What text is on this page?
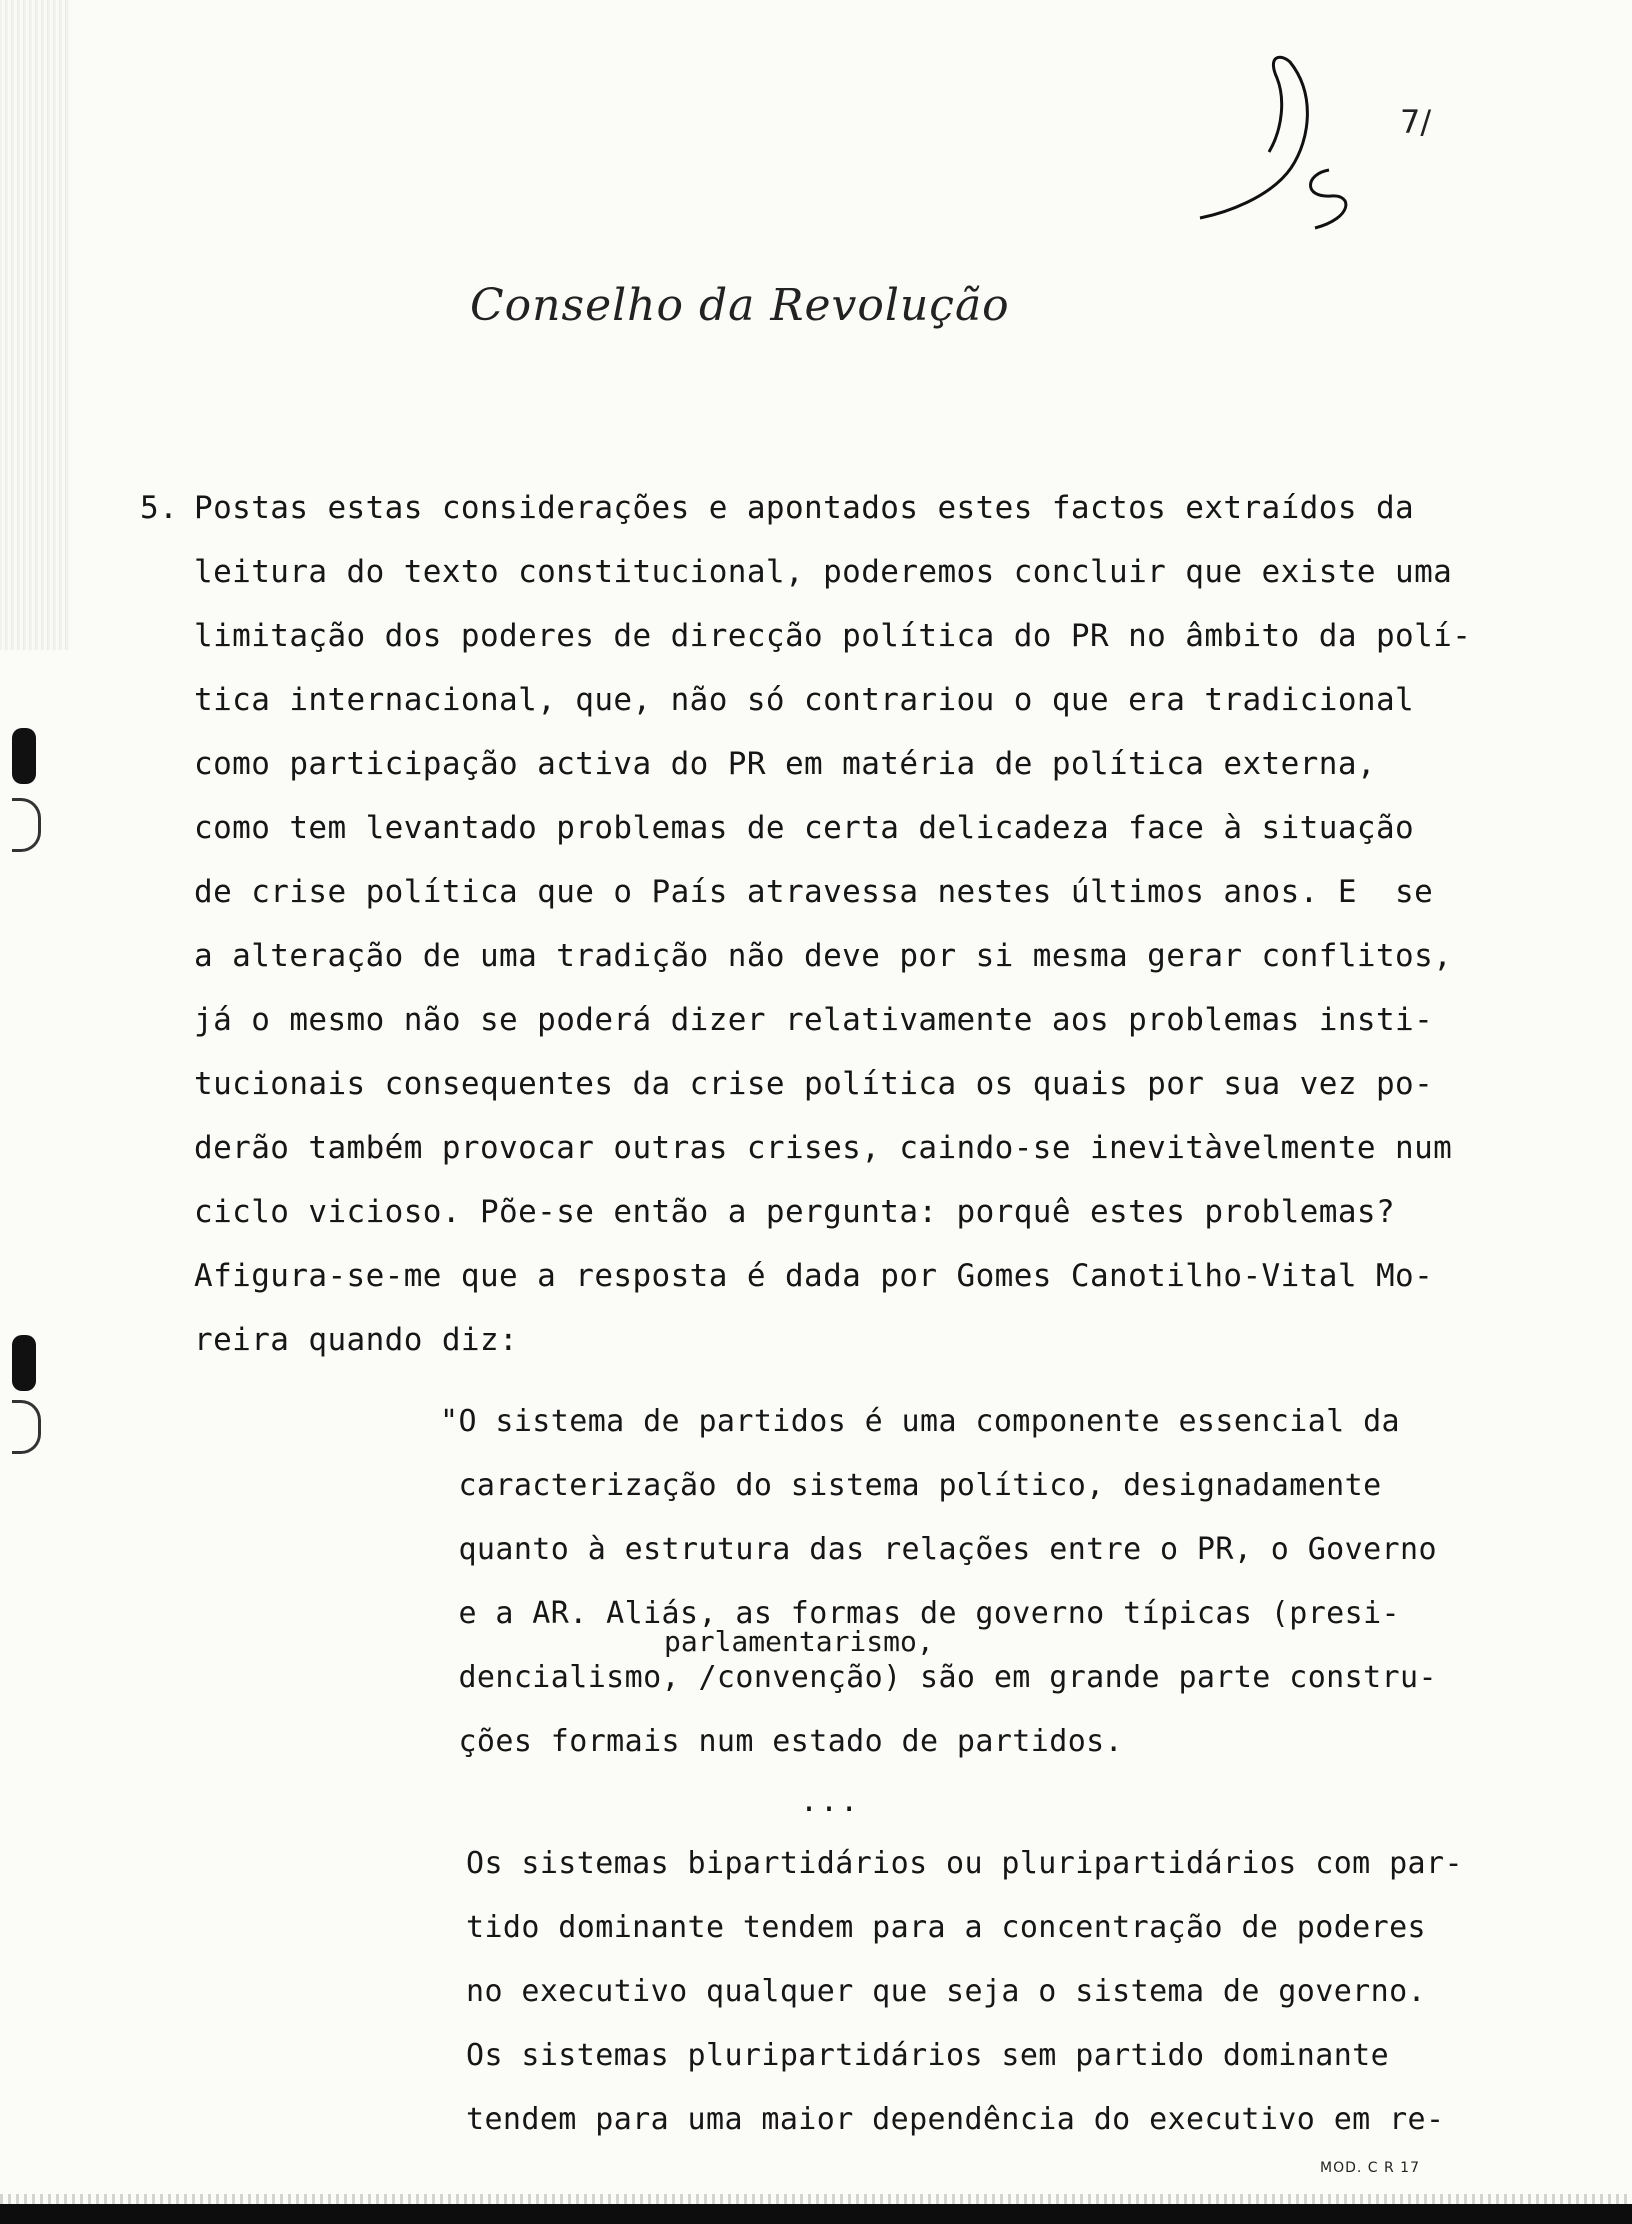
7/
Conselho da Revolução
5. Postas estas considerações e apontados estes factos extraídos da
leitura do texto constitucional, poderemos concluir que existe uma
limitação dos poderes de direcção política do PR no âmbito da polí-
tica internacional, que, não só contrariou o que era tradicional
como participação activa do PR em matéria de política externa,
como tem levantado problemas de certa delicadeza face à situação
de crise política que o País atravessa nestes últimos anos. E  se
a alteração de uma tradição não deve por si mesma gerar conflitos,
já o mesmo não se poderá dizer relativamente aos problemas insti-
tucionais consequentes da crise política os quais por sua vez po-
derão também provocar outras crises, caindo-se inevitàvelmente num
ciclo vicioso. Põe-se então a pergunta: porquê estes problemas?
Afigura-se-me que a resposta é dada por Gomes Canotilho-Vital Mo-
reira quando diz:
"O sistema de partidos é uma componente essencial da
caracterização do sistema político, designadamente
quanto à estrutura das relações entre o PR, o Governo
e a AR. Aliás, as formas de governo típicas (presi-
dencialismo, /convenção) são em grande parte constru-
ções formais num estado de partidos.
parlamentarismo,
...
Os sistemas bipartidários ou pluripartidários com par-
tido dominante tendem para a concentração de poderes
no executivo qualquer que seja o sistema de governo.
Os sistemas pluripartidários sem partido dominante
tendem para uma maior dependência do executivo em re-
MOD. C R 17
